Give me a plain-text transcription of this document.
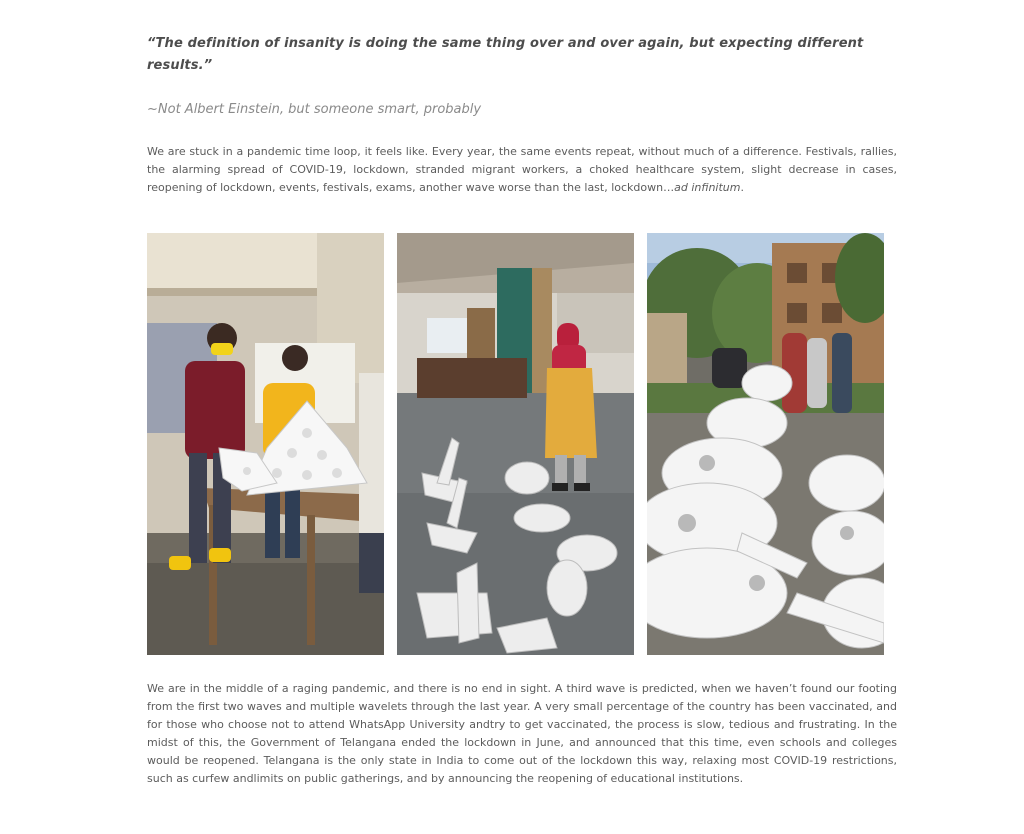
“The definition of insanity is doing the same thing over and over again, but expecting different results.”

~Not Albert Einstein, but someone smart, probably

We are stuck in a pandemic time loop, it feels like. Every year, the same events repeat, without much of a difference. Festivals, rallies, the alarming spread of COVID-19, lockdown, stranded migrant workers, a choked healthcare system, slight decrease in cases, reopening of lockdown, events, festivals, exams, another wave worse than the last, lockdown…ad infinitum.

We are in the middle of a raging pandemic, and there is no end in sight. A third wave is predicted, when we haven’t found our footing from the first two waves and multiple wavelets through the last year. A very small percentage of the country has been vaccinated, and for those who choose not to attend WhatsApp University andtry to get vaccinated, the process is slow, tedious and frustrating. In the midst of this, the Government of Telangana ended the lockdown in June, and announced that this time, even schools and colleges would be reopened. Telangana is the only state in India to come out of the lockdown this way, relaxing most COVID-19 restrictions, such as curfew andlimits on public gatherings, and by announcing the reopening of educational institutions.
